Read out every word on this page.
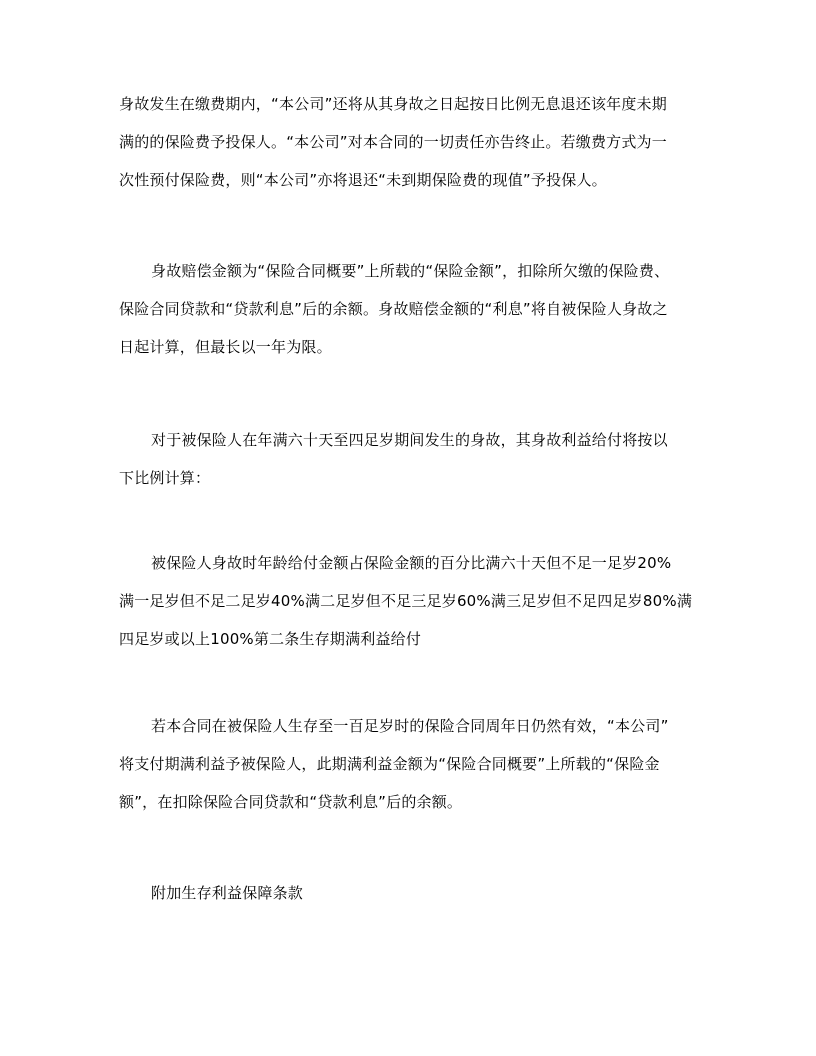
身故发生在缴费期内，“本公司”还将从其身故之日起按日比例无息退还该年度未期
满的的保险费予投保人。“本公司”对本合同的一切责任亦告终止。若缴费方式为一
次性预付保险费，则“本公司”亦将退还“未到期保险费的现值”予投保人。
身故赔偿金额为“保险合同概要”上所载的“保险金额”，扣除所欠缴的保险费、
保险合同贷款和“贷款利息”后的余额。身故赔偿金额的“利息”将自被保险人身故之
日起计算，但最长以一年为限。
对于被保险人在年满六十天至四足岁期间发生的身故，其身故利益给付将按以
下比例计算：
被保险人身故时年龄给付金额占保险金额的百分比满六十天但不足一足岁20%
满一足岁但不足二足岁40%满二足岁但不足三足岁60%满三足岁但不足四足岁80%满
四足岁或以上100%第二条生存期满利益给付
若本合同在被保险人生存至一百足岁时的保险合同周年日仍然有效，“本公司”
将支付期满利益予被保险人，此期满利益金额为“保险合同概要”上所载的“保险金
额”，在扣除保险合同贷款和“贷款利息”后的余额。
附加生存利益保障条款
